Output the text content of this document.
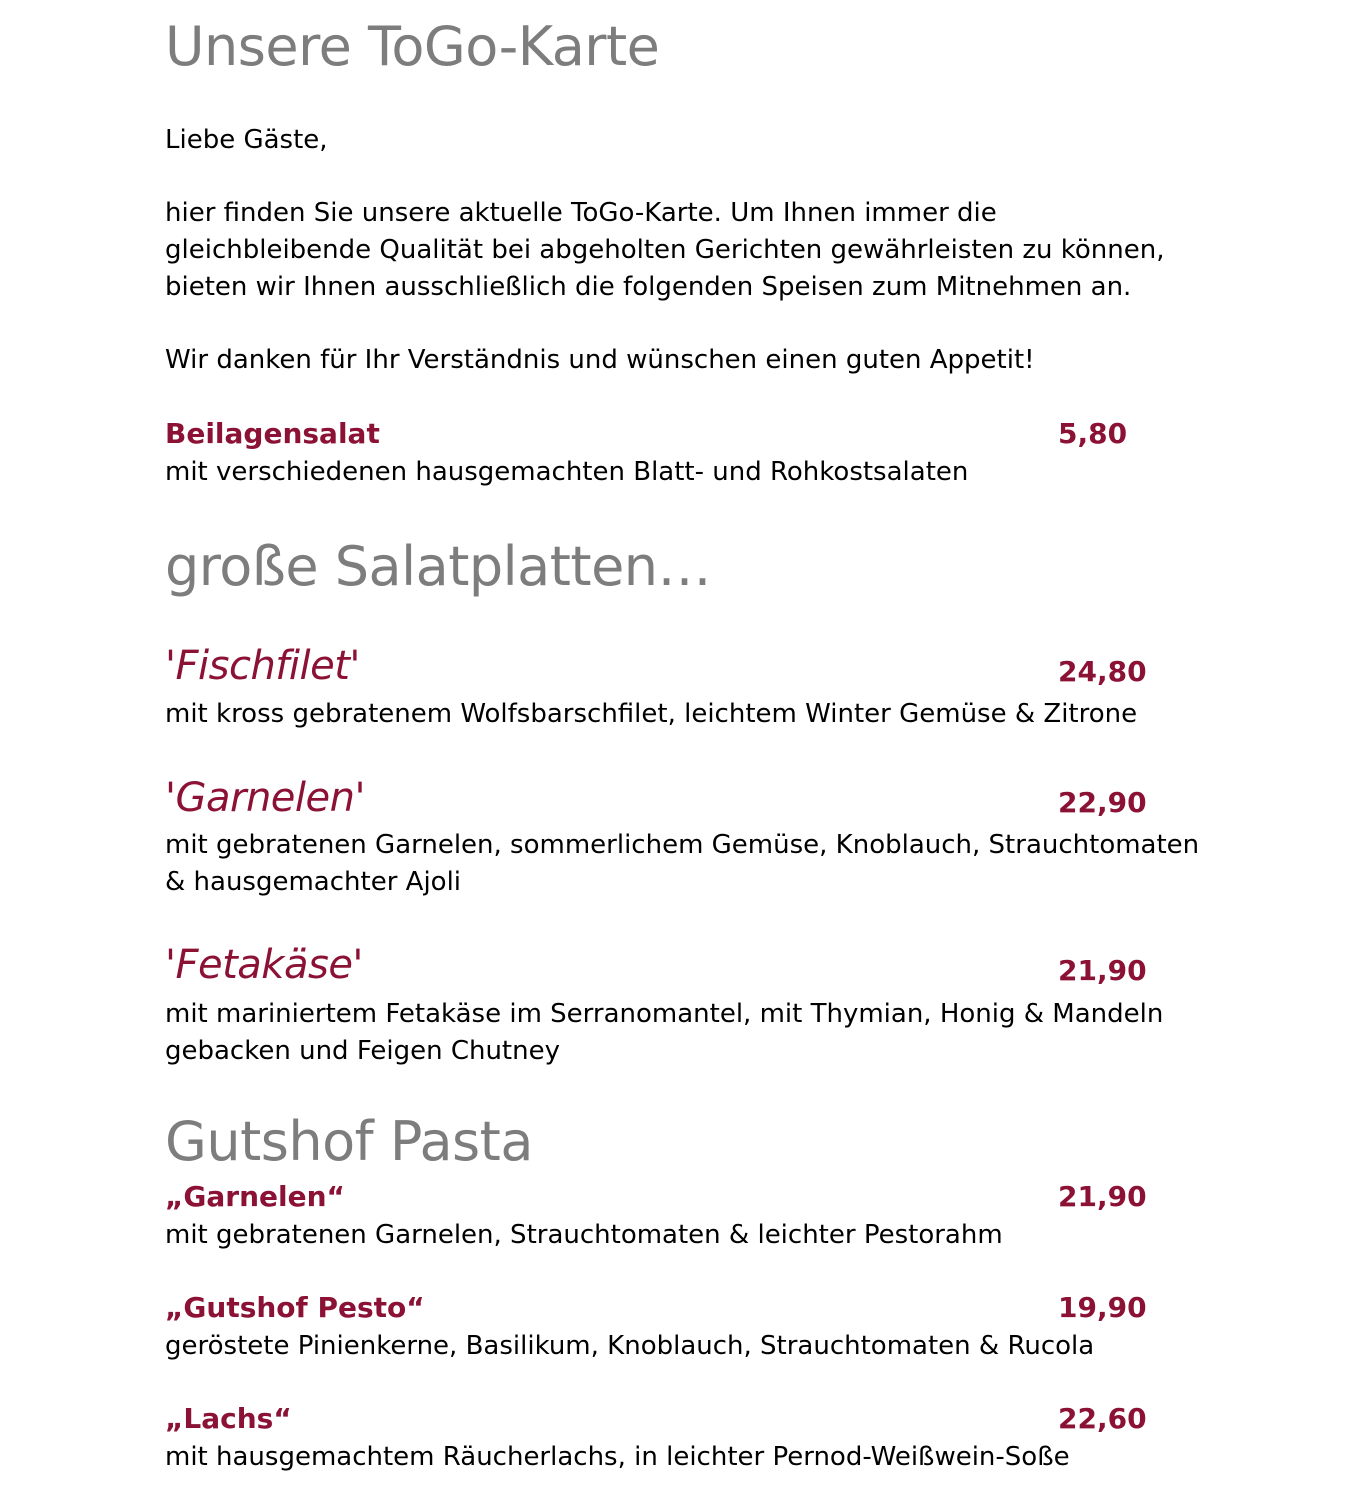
Unsere ToGo-Karte
Liebe Gäste,
hier finden Sie unsere aktuelle ToGo-Karte. Um Ihnen immer die
gleichbleibende Qualität bei abgeholten Gerichten gewährleisten zu können,
bieten wir Ihnen ausschließlich die folgenden Speisen zum Mitnehmen an.
Wir danken für Ihr Verständnis und wünschen einen guten Appetit!
Beilagensalat	5,80
mit verschiedenen hausgemachten Blatt- und Rohkostsalaten
große Salatplatten…
'Fischfilet'	24,80
mit kross gebratenem Wolfsbarschfilet, leichtem Winter Gemüse & Zitrone
'Garnelen'	22,90
mit gebratenen Garnelen, sommerlichem Gemüse, Knoblauch, Strauchtomaten
& hausgemachter Ajoli
'Fetakäse'	21,90
mit mariniertem Fetakäse im Serranomantel, mit Thymian, Honig & Mandeln
gebacken und Feigen Chutney
Gutshof Pasta
„Garnelen“	21,90
mit gebratenen Garnelen, Strauchtomaten & leichter Pestorahm
„Gutshof Pesto“	19,90
geröstete Pinienkerne, Basilikum, Knoblauch, Strauchtomaten & Rucola
„Lachs“	22,60
mit hausgemachtem Räucherlachs, in leichter Pernod-Weißwein-Soße
